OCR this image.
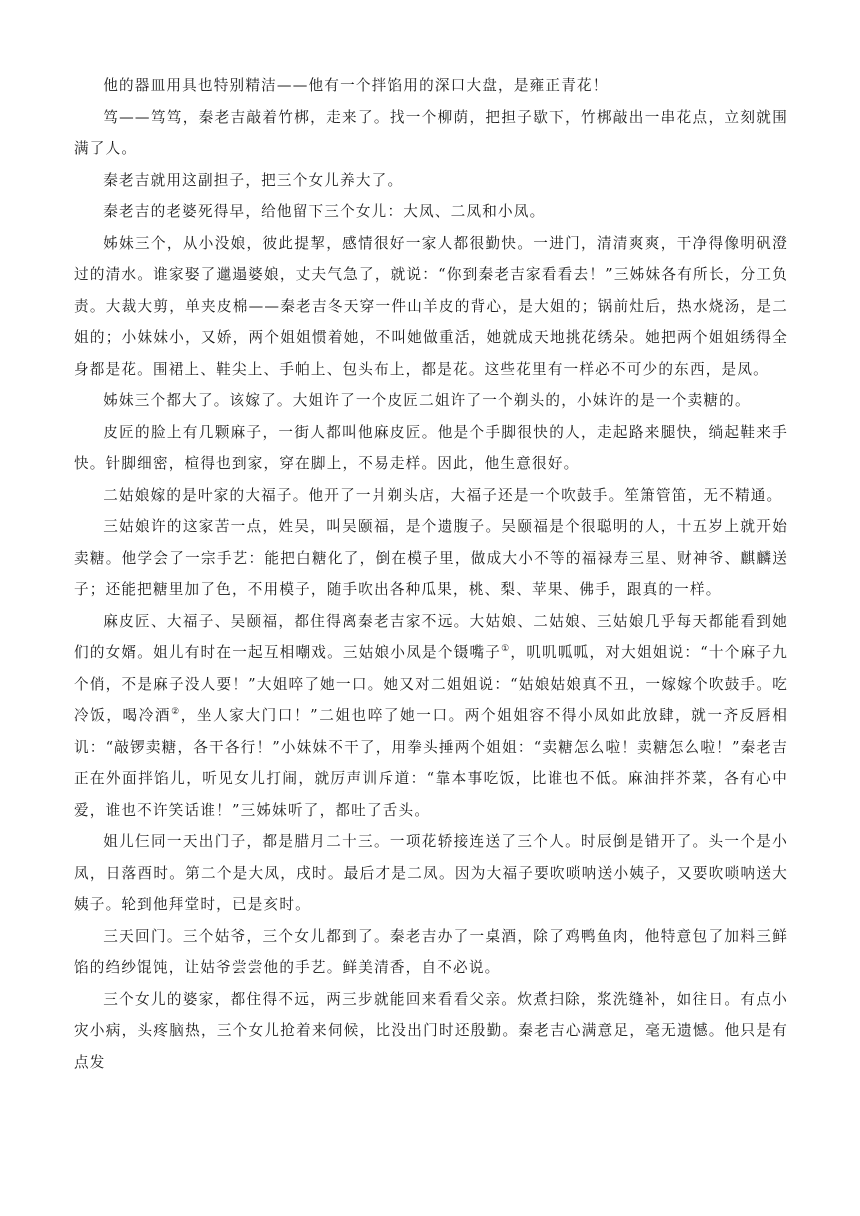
他的器皿用具也特别精洁——他有一个拌馅用的深口大盘，是雍正青花！

笃——笃笃，秦老吉敲着竹梆，走来了。找一个柳荫，把担子歇下，竹梆敲出一串花点，立刻就围满了人。

秦老吉就用这副担子，把三个女儿养大了。

秦老吉的老婆死得早，给他留下三个女儿：大凤、二凤和小凤。

姊妹三个，从小没娘，彼此提挈，感情很好一家人都很勤快。一进门，清清爽爽，干净得像明矾澄过的清水。谁家娶了邋遢婆娘，丈夫气急了，就说：“你到秦老吉家看看去！”三姊妹各有所长，分工负责。大裁大剪，单夹皮棉——秦老吉冬天穿一件山羊皮的背心，是大姐的；锅前灶后，热水烧汤，是二姐的；小妹妹小，又娇，两个姐姐惯着她，不叫她做重活，她就成天地挑花绣朵。她把两个姐姐绣得全身都是花。围裙上、鞋尖上、手帕上、包头布上，都是花。这些花里有一样必不可少的东西，是凤。

姊妹三个都大了。该嫁了。大姐许了一个皮匠二姐许了一个剃头的，小妹许的是一个卖糖的。

皮匠的脸上有几颗麻子，一街人都叫他麻皮匠。他是个手脚很快的人，走起路来腿快，绱起鞋来手快。针脚细密，楦得也到家，穿在脚上，不易走样。因此，他生意很好。

二姑娘嫁的是叶家的大福子。他开了一爿剃头店，大福子还是一个吹鼓手。笙箫管笛，无不精通。

三姑娘许的这家苦一点，姓吴，叫吴颐福，是个遗腹子。吴颐福是个很聪明的人，十五岁上就开始卖糖。他学会了一宗手艺：能把白糖化了，倒在模子里，做成大小不等的福禄寿三星、财神爷、麒麟送子；还能把糖里加了色，不用模子，随手吹出各种瓜果，桃、梨、苹果、佛手，跟真的一样。

麻皮匠、大福子、吴颐福，都住得离秦老吉家不远。大姑娘、二姑娘、三姑娘几乎每天都能看到她们的女婿。姐儿有时在一起互相嘲戏。三姑娘小凤是个镊嘴子①，叽叽呱呱，对大姐姐说：“十个麻子九个俏，不是麻子没人要！”大姐啐了她一口。她又对二姐姐说：“姑娘姑娘真不丑，一嫁嫁个吹鼓手。吃冷饭，喝冷酒②，坐人家大门口！”二姐也啐了她一口。两个姐姐容不得小凤如此放肆，就一齐反唇相讥：“敲锣卖糖，各干各行！”小妹妹不干了，用拳头捶两个姐姐：“卖糖怎么啦！卖糖怎么啦！”秦老吉正在外面拌馅儿，听见女儿打闹，就厉声训斥道：“靠本事吃饭，比谁也不低。麻油拌芥菜，各有心中爱，谁也不许笑话谁！”三姊妹听了，都吐了舌头。

姐儿仨同一天出门子，都是腊月二十三。一项花轿接连送了三个人。时辰倒是错开了。头一个是小凤，日落酉时。第二个是大凤，戌时。最后才是二凤。因为大福子要吹唢呐送小姨子，又要吹唢呐送大姨子。轮到他拜堂时，已是亥时。

三天回门。三个姑爷，三个女儿都到了。秦老吉办了一桌酒，除了鸡鸭鱼肉，他特意包了加料三鲜馅的绉纱馄饨，让姑爷尝尝他的手艺。鲜美清香，自不必说。

三个女儿的婆家，都住得不远，两三步就能回来看看父亲。炊煮扫除，浆洗缝补，如往日。有点小灾小病，头疼脑热，三个女儿抢着来伺候，比没出门时还殷勤。秦老吉心满意足，毫无遗憾。他只是有点发
